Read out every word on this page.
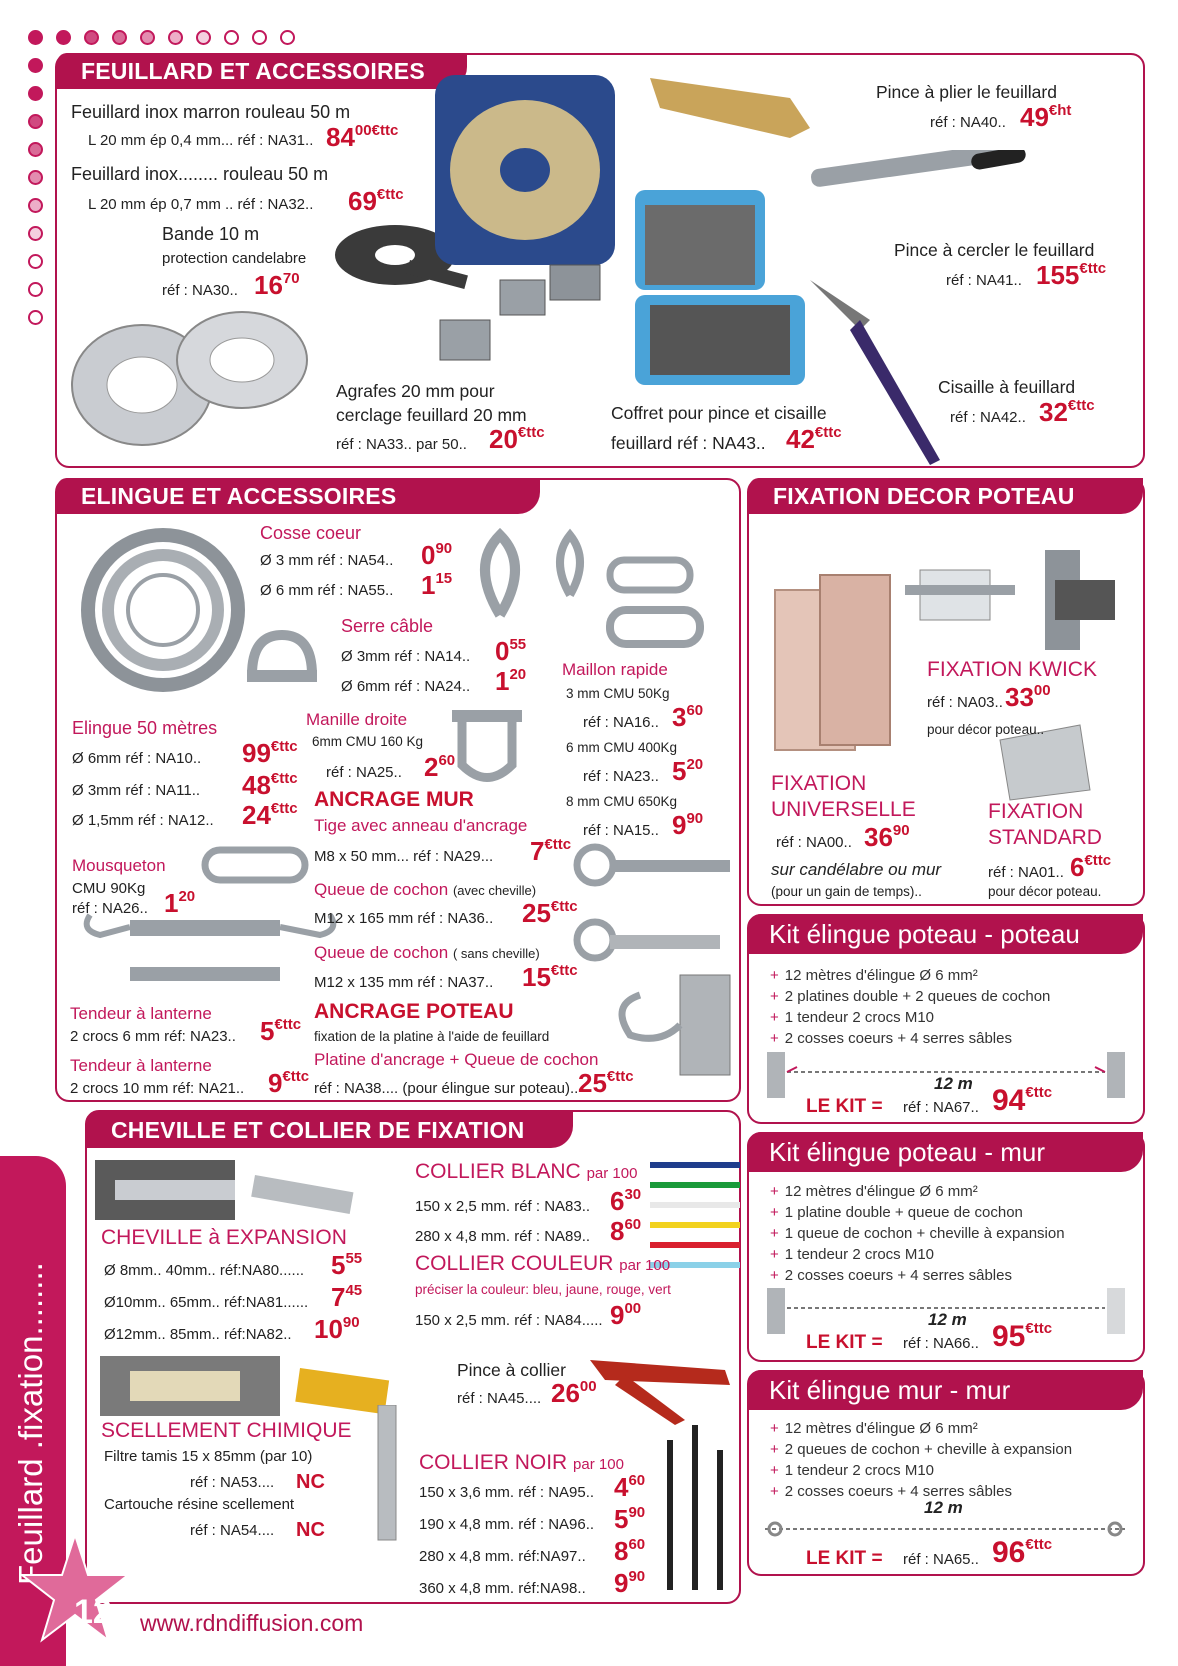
FEUILLARD ET ACCESSOIRES
Feuillard inox marron rouleau 50 m
L 20 mm ép 0,4 mm... réf : NA31.. $84^{00€ttc}$
Feuillard inox........ rouleau 50 m
L 20 mm ép 0,7 mm .. réf : NA32.. $69^{€ttc}$
Bande 10 m
protection candelabre
réf : NA30.. $16^{70}$
Agrafes 20 mm pour
cerclage feuillard 20 mm
réf : NA33.. par 50.. $20^{€ttc}$
Coffret pour pince et cisaille
feuillard réf : NA43.. $42^{€ttc}$
Pince à plier le feuillard
réf : NA40.. $49^{€ht}$
Pince à cercler le feuillard
réf : NA41.. $155^{€ttc}$
Cisaille à feuillard
réf : NA42.. $32^{€ttc}$
ELINGUE ET ACCESSOIRES
Cosse coeur
Ø 3 mm réf : NA54.. $0^{90}$
Ø 6 mm réf : NA55.. $1^{15}$
Serre câble
Ø 3mm réf : NA14.. $0^{55}$
Ø 6mm réf : NA24.. $1^{20}$ Maillon rapide
3 mm CMU 50Kg
réf : NA16.. $3^{60}$
6 mm CMU 400Kg
réf : NA23.. $5^{20}$
8 mm CMU 650Kg
réf : NA15.. $9^{90}$
Elingue 50 mètres
Ø 6mm réf : NA10.. $99^{€ttc}$
Ø 3mm réf : NA11.. $48^{€ttc}$
Ø 1,5mm réf : NA12.. $24^{€ttc}$
Manille droite
6mm CMU 160 Kg
réf : NA25.. $2^{60}$
ANCRAGE MUR
Tige avec anneau d'ancrage
M8 x 50 mm... réf : NA29... $7^{€ttc}$
Queue de cochon (avec cheville)
M12 x 165 mm réf : NA36.. $25^{€ttc}$
Queue de cochon ( sans cheville)
M12 x 135 mm réf : NA37.. $15^{€ttc}$
Mousqueton
CMU 90Kg
réf : NA26.. $1^{20}$
Tendeur à lanterne
2 crocs 6 mm réf: NA23.. $5^{€ttc}$
Tendeur à lanterne
2 crocs 10 mm réf: NA21.. $9^{€ttc}$
ANCRAGE POTEAU
fixation de la platine à l'aide de feuillard
Platine d'ancrage + Queue de cochon
réf : NA38.... (pour élingue sur poteau).. $25^{€ttc}$
FIXATION DECOR POTEAU
FIXATION KWICK
réf : NA03.. $33^{00}$
pour décor poteau..
FIXATION
UNIVERSELLE
réf : NA00.. $36^{90}$
sur candélabre ou mur
(pour un gain de temps)..
FIXATION
STANDARD
réf : NA01.. $6^{€ttc}$
pour décor poteau.
Kit élingue poteau - poteau
+ 12 mètres d'élingue Ø 6 mm²
+ 2 platines double + 2 queues de cochon
+ 1 tendeur 2 crocs M10
+ 2 cosses coeurs + 4 serres sâbles
12 m
LE KIT = réf : NA67.. $94^{€ttc}$
Kit élingue poteau - mur
+ 12 mètres d'élingue Ø 6 mm²
+ 1 platine double + queue de cochon
+ 1 queue de cochon + cheville à expansion
+ 1 tendeur 2 crocs M10
+ 2 cosses coeurs + 4 serres sâbles
12 m
LE KIT = réf : NA66.. $95^{€ttc}$
Kit élingue mur - mur
+ 12 mètres d'élingue Ø 6 mm²
+ 2 queues de cochon + cheville à expansion
+ 1 tendeur 2 crocs M10
+ 2 cosses coeurs + 4 serres sâbles
12 m
LE KIT = réf : NA65.. $96^{€ttc}$
CHEVILLE ET COLLIER DE FIXATION
CHEVILLE à EXPANSION
Ø 8mm.. 40mm.. réf:NA80...... $5^{55}$
Ø10mm.. 65mm.. réf:NA81...... $7^{45}$
Ø12mm.. 85mm.. réf:NA82.. $10^{90}$
SCELLEMENT CHIMIQUE
Filtre tamis 15 x 85mm (par 10)
réf : NA53.... NC
Cartouche résine scellement
réf : NA54.... NC
COLLIER BLANC par 100
150 x 2,5 mm. réf : NA83.. $6^{30}$
280 x 4,8 mm. réf : NA89.. $8^{60}$
COLLIER COULEUR par 100
préciser la couleur: bleu, jaune, rouge, vert
150 x 2,5 mm. réf : NA84..... $9^{00}$
Pince à collier
réf : NA45.... $26^{00}$
COLLIER NOIR par 100
150 x 3,6 mm. réf : NA95.. $4^{60}$
190 x 4,8 mm. réf : NA96.. $5^{90}$
280 x 4,8 mm. réf:NA97.. $8^{60}$
360 x 4,8 mm. réf:NA98.. $9^{90}$
Feuillard .fixation........
12 www.rdndiffusion.com
